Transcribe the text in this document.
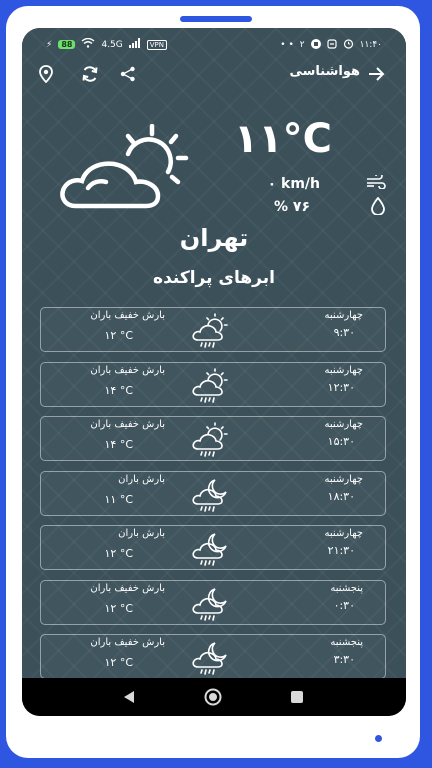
⚡	88	4.5G	VPN	• • ۲	۱۱:۴۰
هواشناسی
۱۱°C
۰ km/h
% ۷۶
تهران
ابرهای پراکنده
چهارشنبه
۹:۳۰
بارش خفیف باران
۱۲ °C
چهارشنبه
۱۲:۳۰
بارش خفیف باران
۱۴ °C
چهارشنبه
۱۵:۳۰
بارش خفیف باران
۱۴ °C
چهارشنبه
۱۸:۳۰
بارش باران
۱۱ °C
چهارشنبه
۲۱:۳۰
بارش باران
۱۲ °C
پنجشنبه
۰:۳۰
بارش خفیف باران
۱۲ °C
پنجشنبه
۳:۳۰
بارش خفیف باران
۱۲ °C
